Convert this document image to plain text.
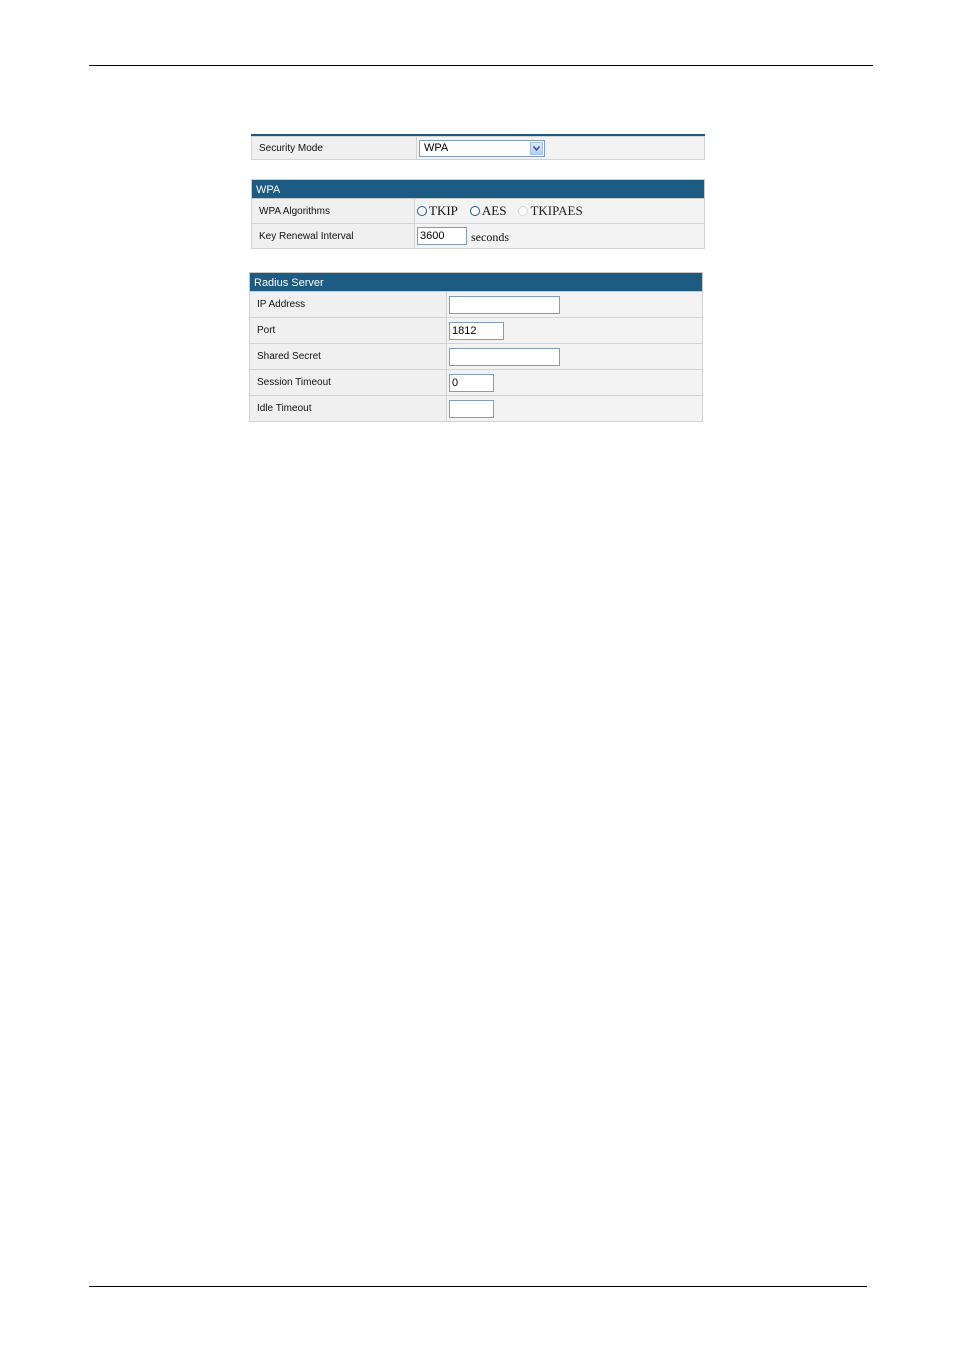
Security Mode	WPA
WPA
WPA Algorithms	TKIP AES TKIPAES
Key Renewal Interval	3600	seconds
Radius Server
IP Address
Port	1812
Shared Secret
Session Timeout	0
Idle Timeout
